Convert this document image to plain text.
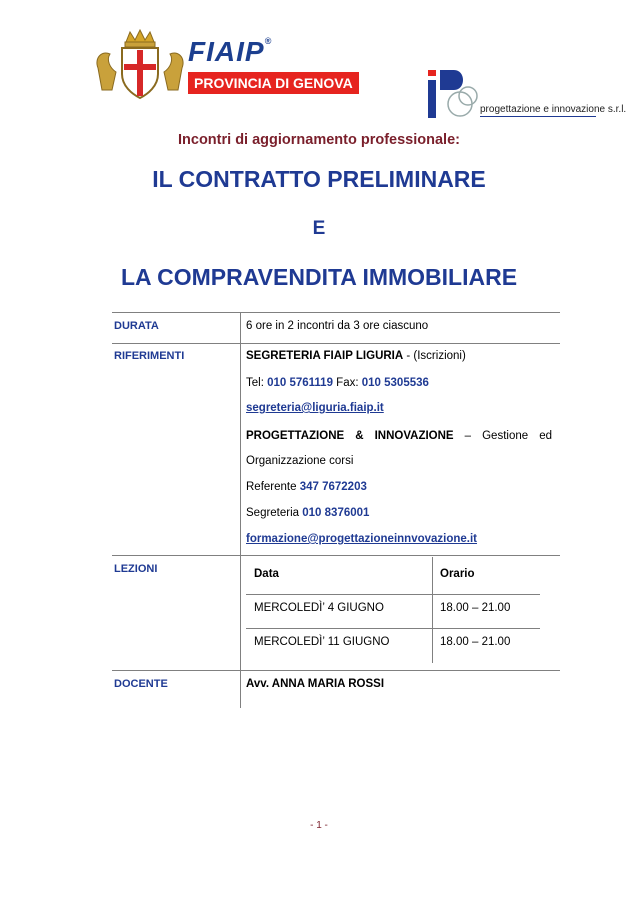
FIAIP®
PROVINCIA DI GENOVA
progettazione e innovazione s.r.l.
Incontri di aggiornamento professionale:
IL CONTRATTO PRELIMINARE
E
LA COMPRAVENDITA IMMOBILIARE
DURATA	6 ore in 2 incontri da 3 ore ciascuno
RIFERIMENTI	SEGRETERIA FIAIP LIGURIA - (Iscrizioni)
Tel: 010 5761119 Fax: 010 5305536
segreteria@liguria.fiaip.it
PROGETTAZIONE & INNOVAZIONE – Gestione ed
Organizzazione corsi
Referente 347 7672203
Segreteria 010 8376001
formazione@progettazioneinnvovazione.it
LEZIONI	Data	Orario
MERCOLEDÌ’ 4 GIUGNO	18.00 – 21.00
MERCOLEDÌ’ 11 GIUGNO	18.00 – 21.00
DOCENTE	Avv. ANNA MARIA ROSSI
- 1 -
